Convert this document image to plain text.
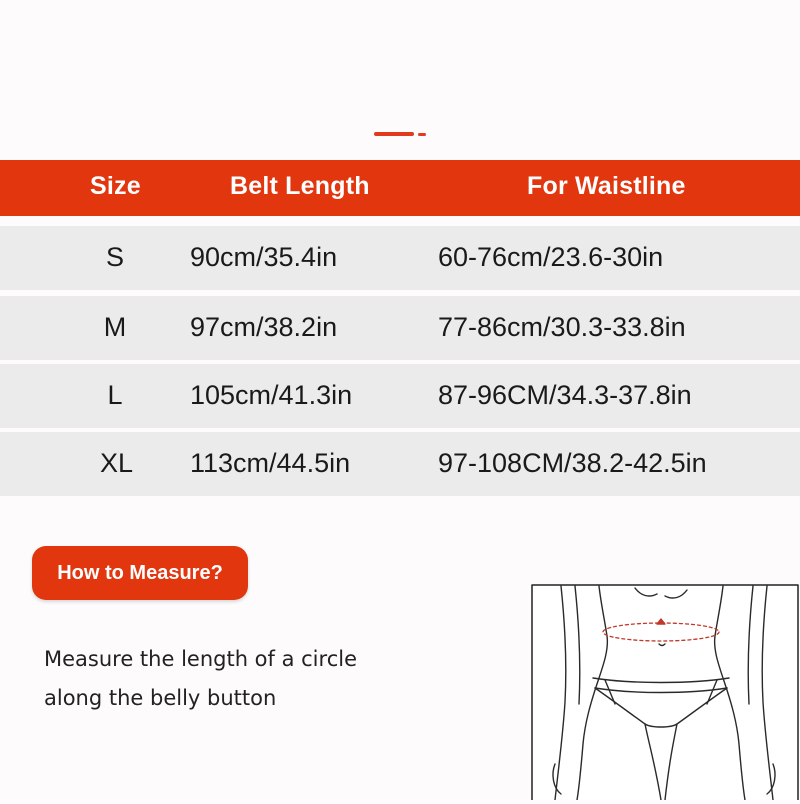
Size	Belt Length	For Waistline
S 90cm/35.4in	60-76cm/23.6-30in
M 97cm/38.2in	77-86cm/30.3-33.8in
L 105cm/41.3in	87-96CM/34.3-37.8in
XL 113cm/44.5in	97-108CM/38.2-42.5in
How to Measure?
Measure the length of a circle
along the belly button
